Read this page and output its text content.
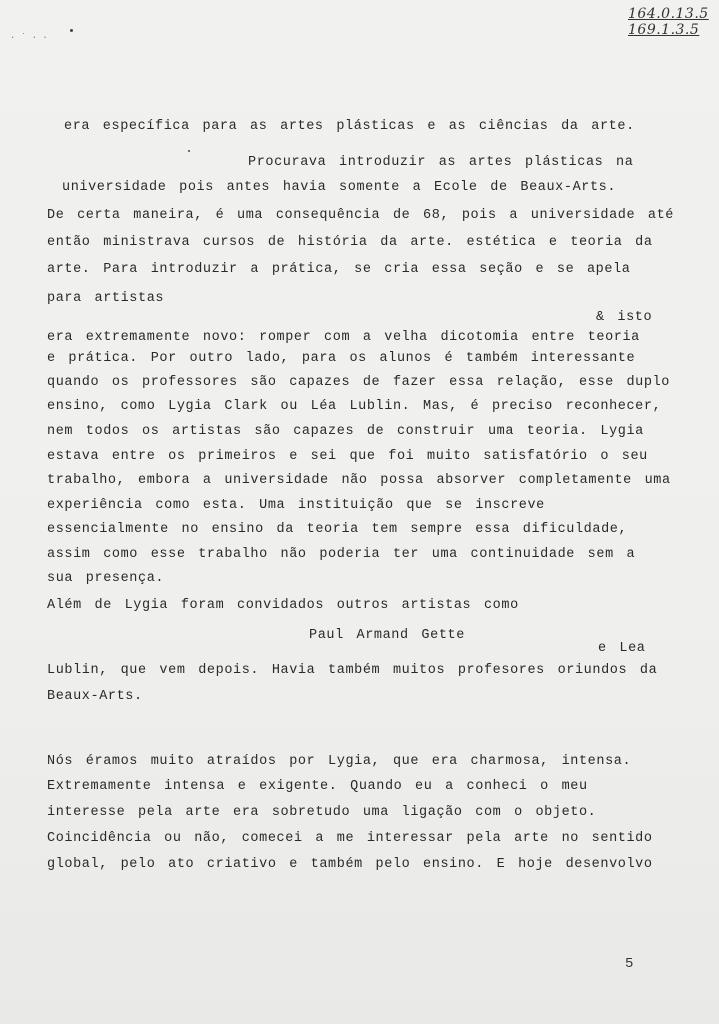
164.0.13.5
169.1.3.5
· ˙ · ·
era específica para as artes plásticas e as ciências da arte.
Procurava introduzir as artes plásticas na
universidade pois antes havia somente a Ecole de Beaux-Arts.
De certa maneira, é uma consequência de 68, pois a universidade até
então ministrava cursos de história da arte. estética e teoria da
arte. Para introduzir a prática, se cria essa seção e se apela
para artistas
& isto
era extremamente novo: romper com a velha dicotomia entre teoria
e prática. Por outro lado, para os alunos é também interessante
quando os professores são capazes de fazer essa relação, esse duplo
ensino, como Lygia Clark ou Léa Lublin. Mas, é preciso reconhecer,
nem todos os artistas são capazes de construir uma teoria. Lygia
estava entre os primeiros e sei que foi muito satisfatório o seu
trabalho, embora a universidade não possa absorver completamente uma
experiência como esta. Uma instituição que se inscreve
essencialmente no ensino da teoria tem sempre essa dificuldade,
assim como esse trabalho não poderia ter uma continuidade sem a
sua presença.
Além de Lygia foram convidados outros artistas como
Paul Armand Gette
e Lea
Lublin, que vem depois. Havia também muitos profesores oriundos da
Beaux-Arts.
Nós éramos muito atraídos por Lygia, que era charmosa, intensa.
Extremamente intensa e exigente. Quando eu a conheci o meu
interesse pela arte era sobretudo uma ligação com o objeto.
Coincidência ou não, comecei a me interessar pela arte no sentido
global, pelo ato criativo e também pelo ensino. E hoje desenvolvo
5
